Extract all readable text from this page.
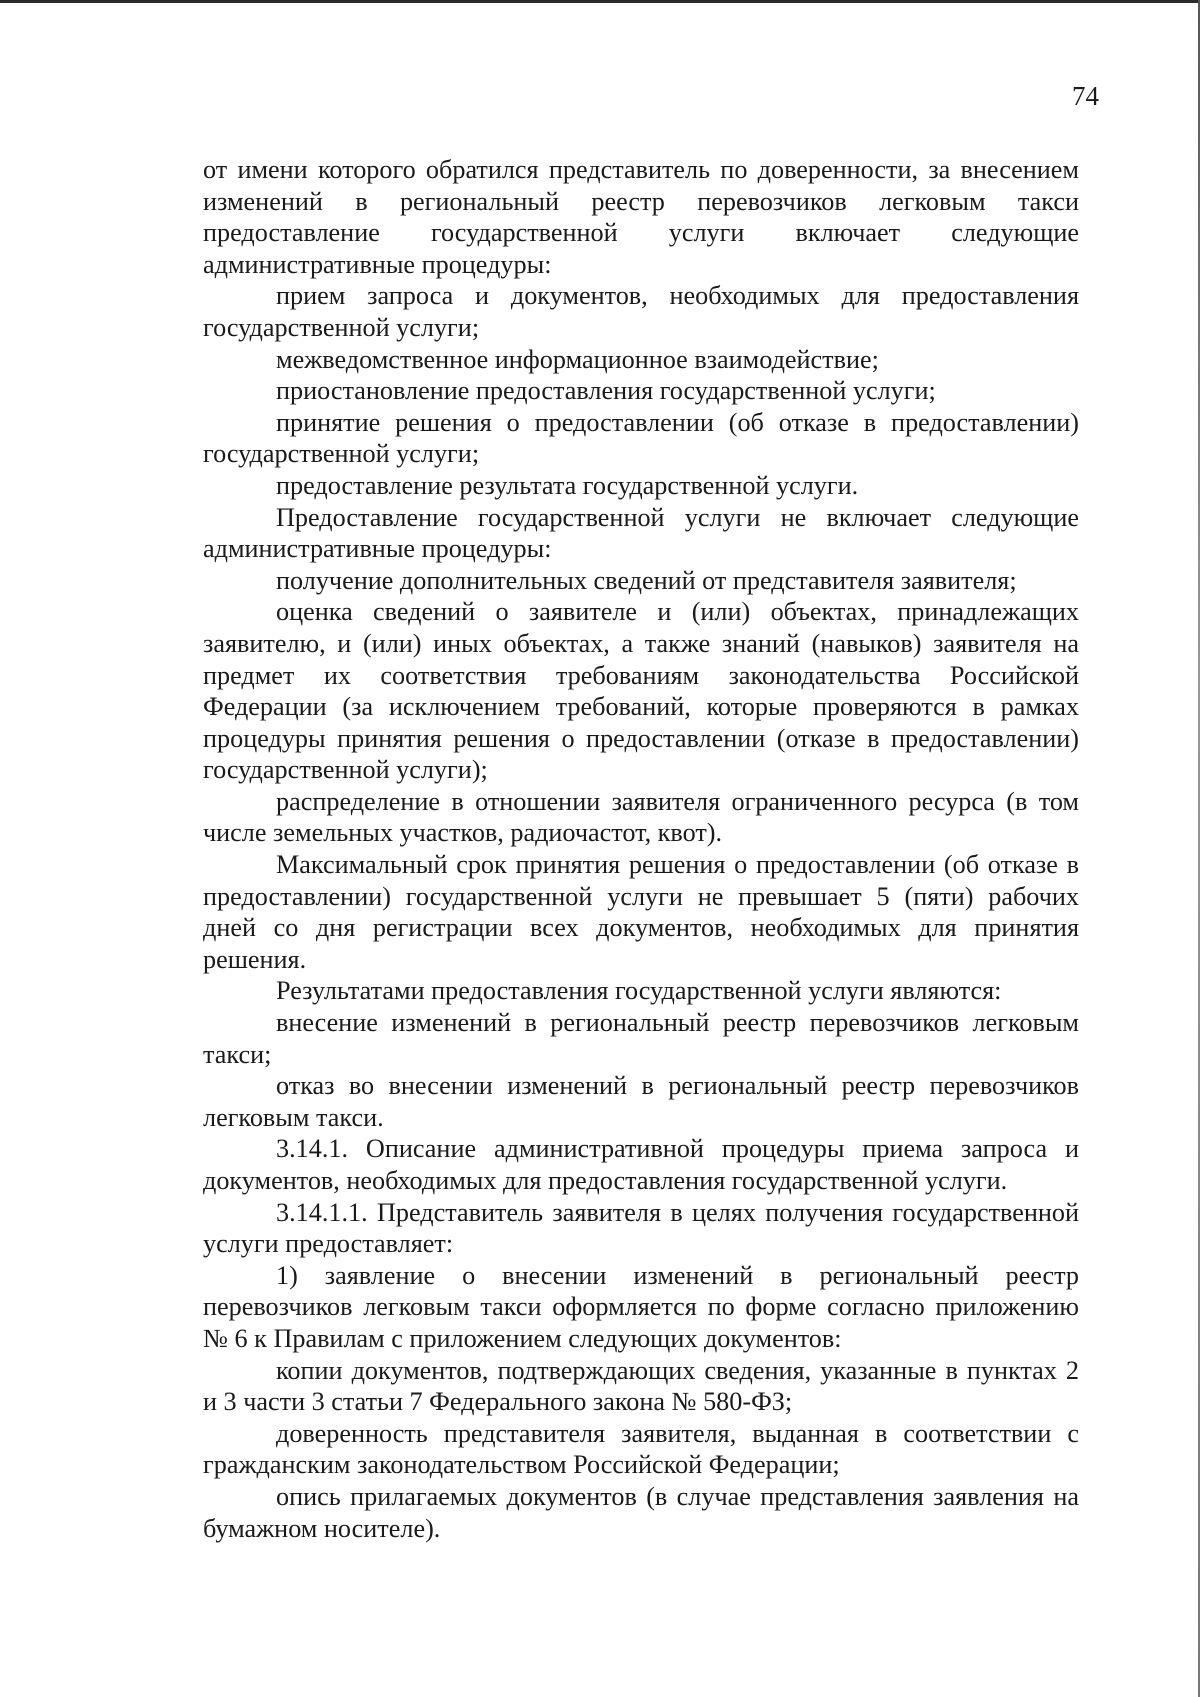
74

от имени которого обратился представитель по доверенности, за внесением изменений в региональный реестр перевозчиков легковым такси предоставление государственной услуги включает следующие административные процедуры:

прием запроса и документов, необходимых для предоставления государственной услуги;

межведомственное информационное взаимодействие;

приостановление предоставления государственной услуги;

принятие решения о предоставлении (об отказе в предоставлении) государственной услуги;

предоставление результата государственной услуги.

Предоставление государственной услуги не включает следующие административные процедуры:

получение дополнительных сведений от представителя заявителя;

оценка сведений о заявителе и (или) объектах, принадлежащих заявителю, и (или) иных объектах, а также знаний (навыков) заявителя на предмет их соответствия требованиям законодательства Российской Федерации (за исключением требований, которые проверяются в рамках процедуры принятия решения о предоставлении (отказе в предоставлении) государственной услуги);

распределение в отношении заявителя ограниченного ресурса (в том числе земельных участков, радиочастот, квот).

Максимальный срок принятия решения о предоставлении (об отказе в предоставлении) государственной услуги не превышает 5 (пяти) рабочих дней со дня регистрации всех документов, необходимых для принятия решения.

Результатами предоставления государственной услуги являются:

внесение изменений в региональный реестр перевозчиков легковым такси;

отказ во внесении изменений в региональный реестр перевозчиков легковым такси.

3.14.1. Описание административной процедуры приема запроса и документов, необходимых для предоставления государственной услуги.

3.14.1.1. Представитель заявителя в целях получения государственной услуги предоставляет:

1) заявление о внесении изменений в региональный реестр перевозчиков легковым такси оформляется по форме согласно приложению № 6 к Правилам с приложением следующих документов:

копии документов, подтверждающих сведения, указанные в пунктах 2 и 3 части 3 статьи 7 Федерального закона № 580-ФЗ;

доверенность представителя заявителя, выданная в соответствии с гражданским законодательством Российской Федерации;

опись прилагаемых документов (в случае представления заявления на бумажном носителе).
